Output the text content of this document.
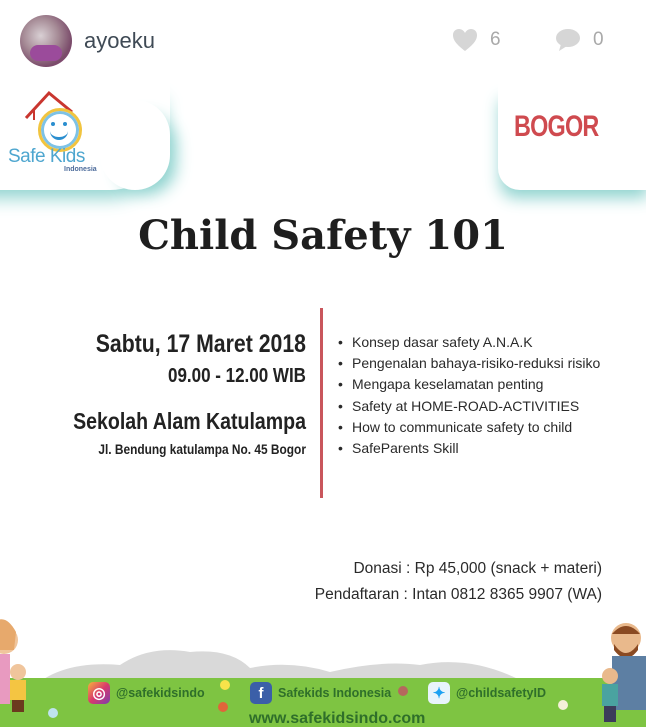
ayoeku	6	0
Safe Kids
Indonesia
BOGOR
Child Safety 101
Sabtu, 17 Maret 2018
09.00 - 12.00 WIB
Sekolah Alam Katulampa
Jl. Bendung katulampa No. 45 Bogor
• Konsep dasar safety A.N.A.K
• Pengenalan bahaya-risiko-reduksi risiko
• Mengapa keselamatan penting
• Safety at HOME-ROAD-ACTIVITIES
• How to communicate safety to child
• SafeParents Skill
Donasi : Rp 45,000 (snack + materi)
Pendaftaran : Intan 0812 8365 9907 (WA)
◎ @safekidsindo	f	Safekids Indonesia	✦ @childsafetyID
www.safekidsindo.com
